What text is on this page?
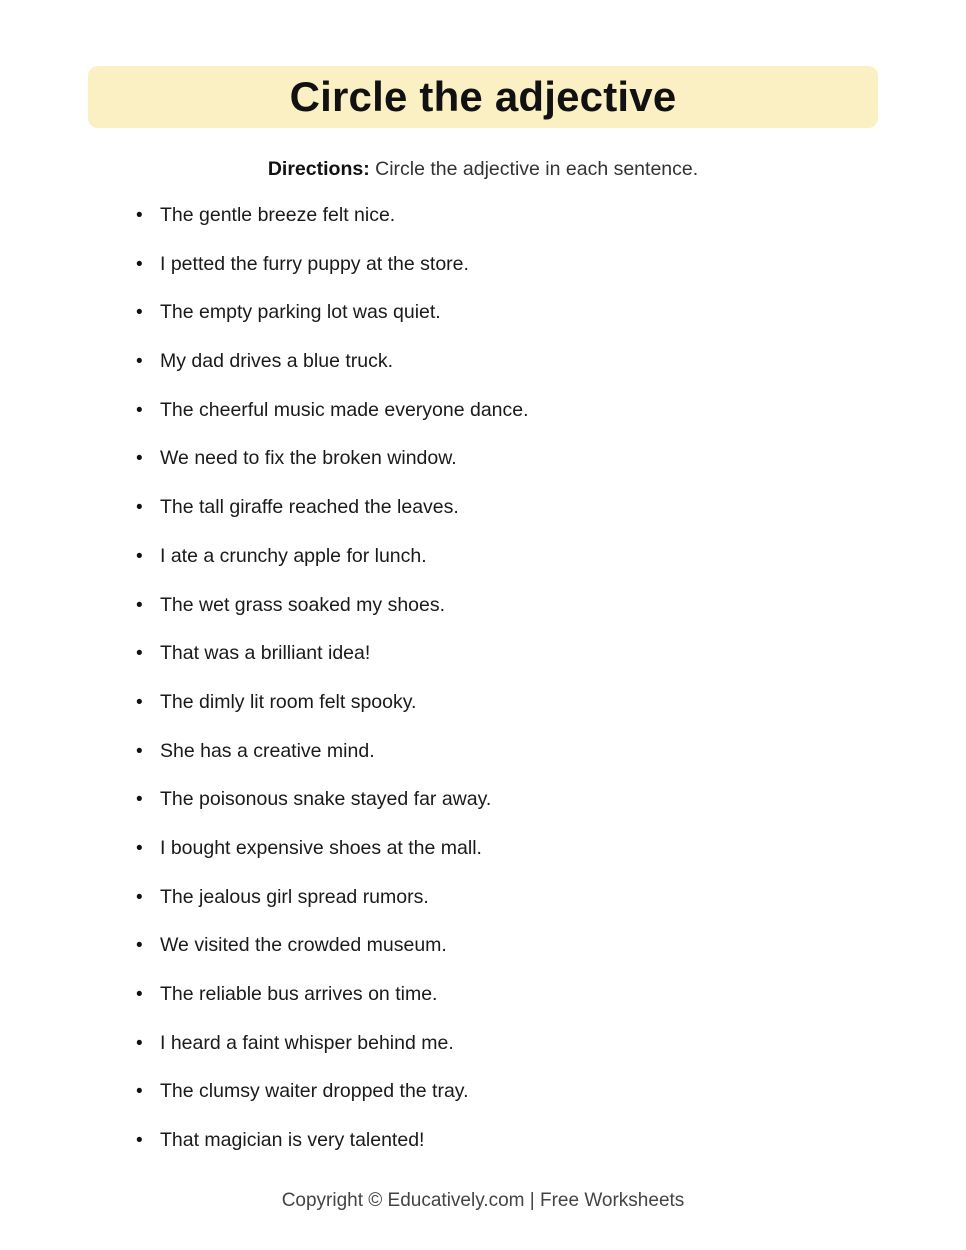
Circle the adjective
Directions: Circle the adjective in each sentence.
• The gentle breeze felt nice.
• I petted the furry puppy at the store.
• The empty parking lot was quiet.
• My dad drives a blue truck.
• The cheerful music made everyone dance.
• We need to fix the broken window.
• The tall giraffe reached the leaves.
• I ate a crunchy apple for lunch.
• The wet grass soaked my shoes.
• That was a brilliant idea!
• The dimly lit room felt spooky.
• She has a creative mind.
• The poisonous snake stayed far away.
• I bought expensive shoes at the mall.
• The jealous girl spread rumors.
• We visited the crowded museum.
• The reliable bus arrives on time.
• I heard a faint whisper behind me.
• The clumsy waiter dropped the tray.
• That magician is very talented!
Copyright © Educatively.com | Free Worksheets
